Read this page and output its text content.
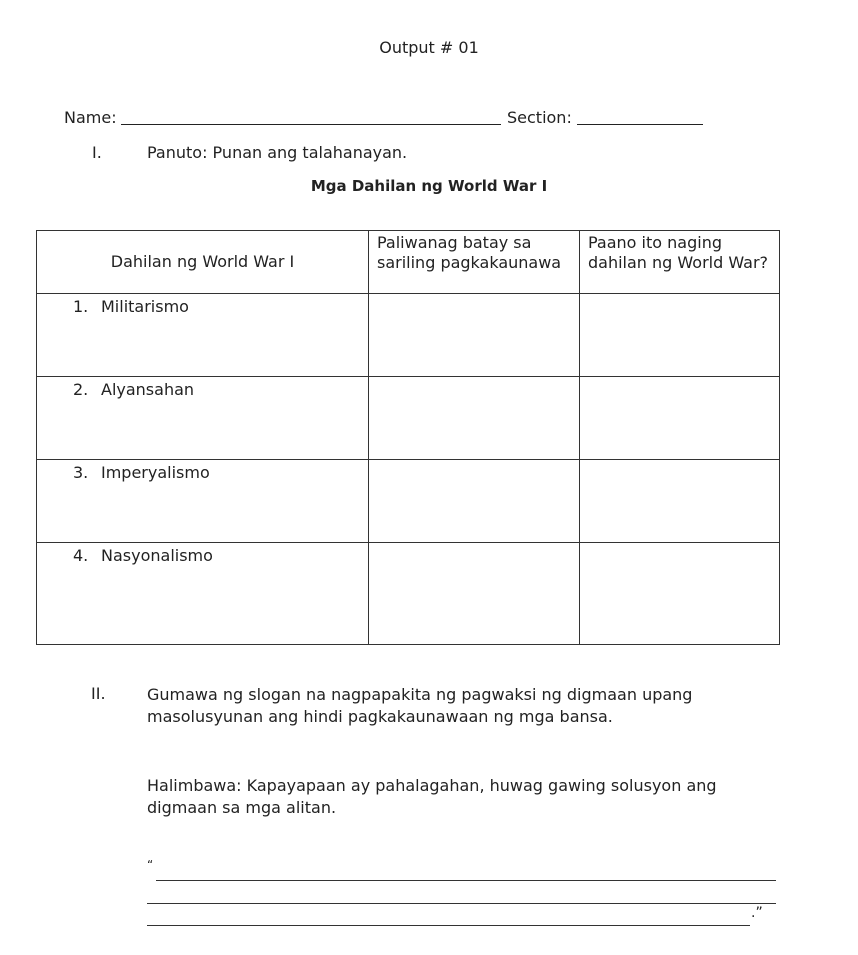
Output # 01
Name:	Section:
I.	Panuto: Punan ang talahanayan.
Mga Dahilan ng World War I
Dahilan ng World War I	Paliwanag batay sa sariling pagkakaunawa	Paano ito naging dahilan ng World War?

1. Militarismo		

2. Alyansahan		

3. Imperyalismo		

4. Nasyonalismo		

II.	Gumawa ng slogan na nagpapakita ng pagwaksi ng digmaan upang masolusyunan ang hindi pagkakaunawaan ng mga bansa.
Halimbawa: Kapayapaan ay pahalagahan, huwag gawing solusyon ang digmaan sa mga alitan.
“
.”
